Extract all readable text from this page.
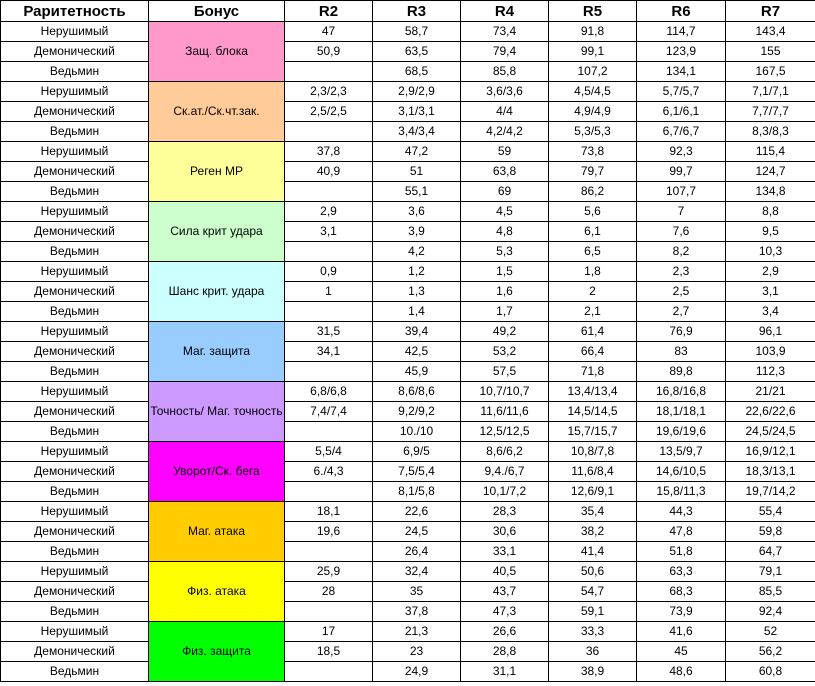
Раритетность	Бонус	R2	R3	R4	R5	R6	R7
Нерушимый	Защ. блока	47	58,7	73,4	91,8	114,7	143,4
Демонический		50,9	63,5	79,4	99,1	123,9	155
Ведьмин			68,5	85,8	107,2	134,1	167,5
Нерушимый	Ск.ат./Ск.чт.зак.	2,3/2,3	2,9/2,9	3,6/3,6	4,5/4,5	5,7/5,7	7,1/7,1
Демонический		2,5/2,5	3,1/3,1	4/4	4,9/4,9	6,1/6,1	7,7/7,7
Ведьмин			3,4/3,4	4,2/4,2	5,3/5,3	6,7/6,7	8,3/8,3
Нерушимый	Реген МР	37,8	47,2	59	73,8	92,3	115,4
Демонический		40,9	51	63,8	79,7	99,7	124,7
Ведьмин			55,1	69	86,2	107,7	134,8
Нерушимый	Сила крит удара	2,9	3,6	4,5	5,6	7	8,8
Демонический		3,1	3,9	4,8	6,1	7,6	9,5
Ведьмин			4,2	5,3	6,5	8,2	10,3
Нерушимый	Шанс крит. удара	0,9	1,2	1,5	1,8	2,3	2,9
Демонический		1	1,3	1,6	2	2,5	3,1
Ведьмин			1,4	1,7	2,1	2,7	3,4
Нерушимый	Маг. защита	31,5	39,4	49,2	61,4	76,9	96,1
Демонический		34,1	42,5	53,2	66,4	83	103,9
Ведьмин			45,9	57,5	71,8	89,8	112,3
Нерушимый	Точность/ Маг. точность	6,8/6,8	8,6/8,6	10,7/10,7	13,4/13,4	16,8/16,8	21/21
Демонический		7,4/7,4	9,2/9,2	11,6/11,6	14,5/14,5	18,1/18,1	22,6/22,6
Ведьмин			10./10	12,5/12,5	15,7/15,7	19,6/19,6	24,5/24,5
Нерушимый	Уворот/Ск. бега	5,5/4	6,9/5	8,6/6,2	10,8/7,8	13,5/9,7	16,9/12,1
Демонический		6./4,3	7,5/5,4	9,4./6,7	11,6/8,4	14,6/10,5	18,3/13,1
Ведьмин			8,1/5,8	10,1/7,2	12,6/9,1	15,8/11,3	19,7/14,2
Нерушимый	Маг. атака	18,1	22,6	28,3	35,4	44,3	55,4
Демонический		19,6	24,5	30,6	38,2	47,8	59,8
Ведьмин			26,4	33,1	41,4	51,8	64,7
Нерушимый	Физ. атака	25,9	32,4	40,5	50,6	63,3	79,1
Демонический		28	35	43,7	54,7	68,3	85,5
Ведьмин			37,8	47,3	59,1	73,9	92,4
Нерушимый	Физ. защита	17	21,3	26,6	33,3	41,6	52
Демонический		18,5	23	28,8	36	45	56,2
Ведьмин			24,9	31,1	38,9	48,6	60,8
